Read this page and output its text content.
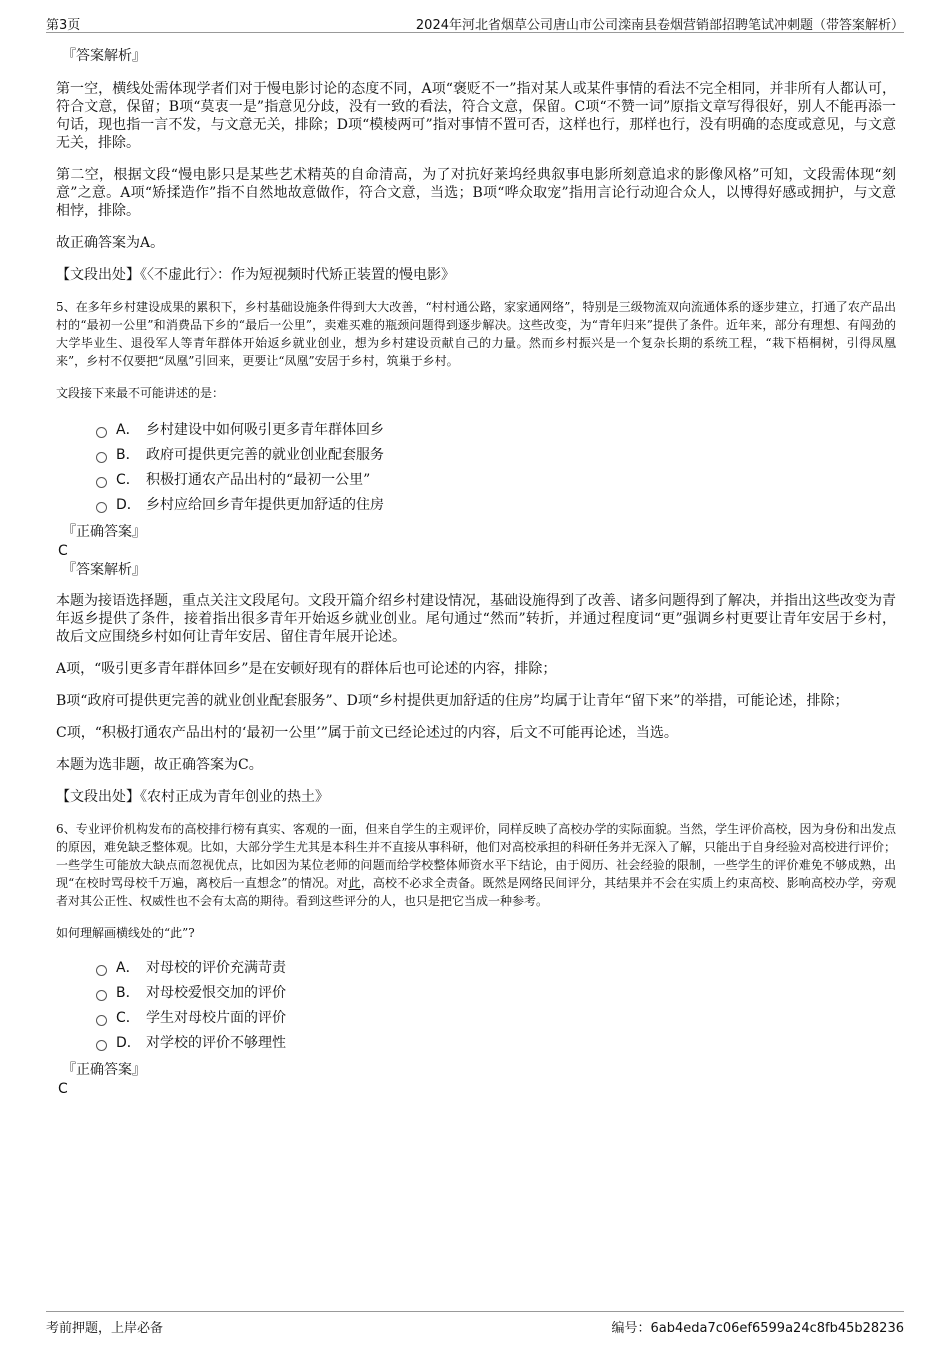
第3页	2024年河北省烟草公司唐山市公司滦南县卷烟营销部招聘笔试冲刺题（带答案解析）
『答案解析』

第一空，横线处需体现学者们对于慢电影讨论的态度不同，A项“褒贬不一”指对某人或某件事情的看法不完全相同，并非所有人都认可，符合文意，保留；B项“莫衷一是”指意见分歧，没有一致的看法，符合文意，保留。C项“不赞一词”原指文章写得很好，别人不能再添一句话，现也指一言不发，与文意无关，排除；D项“模棱两可”指对事情不置可否，这样也行，那样也行，没有明确的态度或意见，与文意无关，排除。

第二空，根据文段“慢电影只是某些艺术精英的自命清高，为了对抗好莱坞经典叙事电影所刻意追求的影像风格”可知，文段需体现“刻意”之意。A项“矫揉造作”指不自然地故意做作，符合文意，当选；B项“哗众取宠”指用言论行动迎合众人，以博得好感或拥护，与文意相悖，排除。

故正确答案为A。

【文段出处】《〈不虚此行〉：作为短视频时代矫正装置的慢电影》

5、在多年乡村建设成果的累积下，乡村基础设施条件得到大大改善，“村村通公路，家家通网络”，特别是三级物流双向流通体系的逐步建立，打通了农产品出村的“最初一公里”和消费品下乡的“最后一公里”，卖难买难的瓶颈问题得到逐步解决。这些改变，为“青年归来”提供了条件。近年来，部分有理想、有闯劲的大学毕业生、退役军人等青年群体开始返乡就业创业，想为乡村建设贡献自己的力量。然而乡村振兴是一个复杂长期的系统工程，“栽下梧桐树，引得凤凰来”，乡村不仅要把“凤凰”引回来，更要让“凤凰”安居于乡村，筑巢于乡村。

文段接下来最不可能讲述的是：

A． 乡村建设中如何吸引更多青年群体回乡
B． 政府可提供更完善的就业创业配套服务
C． 积极打通农产品出村的“最初一公里”
D． 乡村应给回乡青年提供更加舒适的住房
『正确答案』
C
『答案解析』

本题为接语选择题，重点关注文段尾句。文段开篇介绍乡村建设情况，基础设施得到了改善、诸多问题得到了解决，并指出这些改变为青年返乡提供了条件，接着指出很多青年开始返乡就业创业。尾句通过“然而”转折，并通过程度词“更”强调乡村更要让青年安居于乡村，故后文应围绕乡村如何让青年安居、留住青年展开论述。

A项，“吸引更多青年群体回乡”是在安顿好现有的群体后也可论述的内容，排除；

B项“政府可提供更完善的就业创业配套服务”、D项“乡村提供更加舒适的住房”均属于让青年“留下来”的举措，可能论述，排除；

C项，“积极打通农产品出村的‘最初一公里’”属于前文已经论述过的内容，后文不可能再论述，当选。

本题为选非题，故正确答案为C。

【文段出处】《农村正成为青年创业的热土》

6、专业评价机构发布的高校排行榜有真实、客观的一面，但来自学生的主观评价，同样反映了高校办学的实际面貌。当然，学生评价高校，因为身份和出发点的原因，难免缺乏整体观。比如，大部分学生尤其是本科生并不直接从事科研，他们对高校承担的科研任务并无深入了解，只能出于自身经验对高校进行评价；一些学生可能放大缺点而忽视优点，比如因为某位老师的问题而给学校整体师资水平下结论，由于阅历、社会经验的限制，一些学生的评价难免不够成熟，出现“在校时骂母校千万遍，离校后一直想念”的情况。对此，高校不必求全责备。既然是网络民间评分，其结果并不会在实质上约束高校、影响高校办学，旁观者对其公正性、权威性也不会有太高的期待。看到这些评分的人，也只是把它当成一种参考。

如何理解画横线处的“此”?

A． 对母校的评价充满苛责
B． 对母校爱恨交加的评价
C． 学生对母校片面的评价
D． 对学校的评价不够理性
『正确答案』
C
考前押题，上岸必备	编号：6ab4eda7c06ef6599a24c8fb45b28236
